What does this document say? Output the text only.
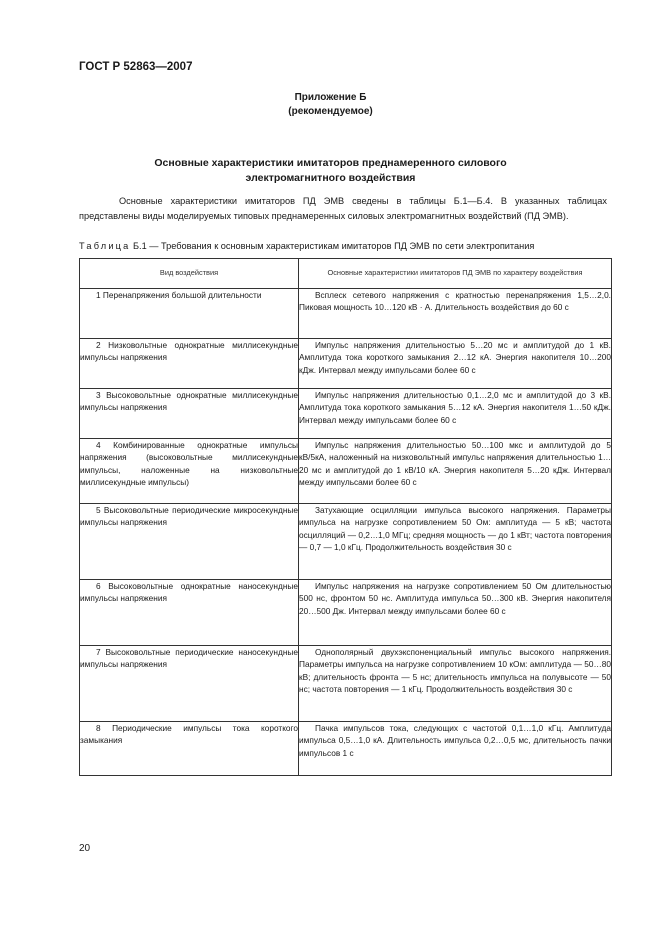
ГОСТ Р 52863—2007
Приложение Б
(рекомендуемое)
Основные характеристики имитаторов преднамеренного силового
электромагнитного воздействия
Основные характеристики имитаторов ПД ЭМВ сведены в таблицы Б.1—Б.4. В указанных таблицах представлены виды моделируемых типовых преднамеренных силовых электромагнитных воздействий (ПД ЭМВ).
Таблица Б.1 — Требования к основным характеристикам имитаторов ПД ЭМВ по сети электропитания
Вид воздействия	Основные характеристики имитаторов ПД ЭМВ по характеру воздействия
1 Перенапряжения большой длительности	Всплеск сетевого напряжения с кратностью перенапряжения 1,5…2,0. Пиковая мощность 10…120 кВ · А. Длительность воздействия до 60 с
2 Низковольтные однократные миллисекундные импульсы напряжения	Импульс напряжения длительностью 5…20 мс и амплитудой до 1 кВ. Амплитуда тока короткого замыкания 2…12 кА. Энергия накопителя 10…200 кДж. Интервал между импульсами более 60 с
3 Высоковольтные однократные миллисекундные импульсы напряжения	Импульс напряжения длительностью 0,1…2,0 мс и амплитудой до 3 кВ. Амплитуда тока короткого замыкания 5…12 кА. Энергия накопителя 1…50 кДж. Интервал между импульсами более 60 с
4 Комбинированные однократные импульсы напряжения (высоковольтные миллисекундные импульсы, наложенные на низковольтные миллисекундные импульсы)	Импульс напряжения длительностью 50…100 мкс и амплитудой до 5 кВ/5кА, наложенный на низковольтный импульс напряжения длительностью 1…20 мс и амплитудой до 1 кВ/10 кА. Энергия накопителя 5…20 кДж. Интервал между импульсами более 60 с
5 Высоковольтные периодические микросекундные импульсы напряжения	Затухающие осцилляции импульса высокого напряжения. Параметры импульса на нагрузке сопротивлением 50 Ом: амплитуда — 5 кВ; частота осцилляций — 0,2…1,0 МГц; средняя мощность — до 1 кВт; частота повторения — 0,7 — 1,0 кГц. Продолжительность воздействия 30 с
6 Высоковольтные однократные наносекундные импульсы напряжения	Импульс напряжения на нагрузке сопротивлением 50 Ом длительностью 500 нс, фронтом 50 нс. Амплитуда импульса 50…300 кВ. Энергия накопителя 20…500 Дж. Интервал между импульсами более 60 с
7 Высоковольтные периодические наносекундные импульсы напряжения	Однополярный двухэкспоненциальный импульс высокого напряжения. Параметры импульса на нагрузке сопротивлением 10 кОм: амплитуда — 50…80 кВ; длительность фронта — 5 нс; длительность импульса на полувысоте — 50 нс; частота повторения — 1 кГц. Продолжительность воздействия 30 с
8 Периодические импульсы тока короткого замыкания	Пачка импульсов тока, следующих с частотой 0,1…1,0 кГц. Амплитуда импульса 0,5…1,0 кА. Длительность импульса 0,2…0,5 мс, длительность пачки импульсов 1 с
20
